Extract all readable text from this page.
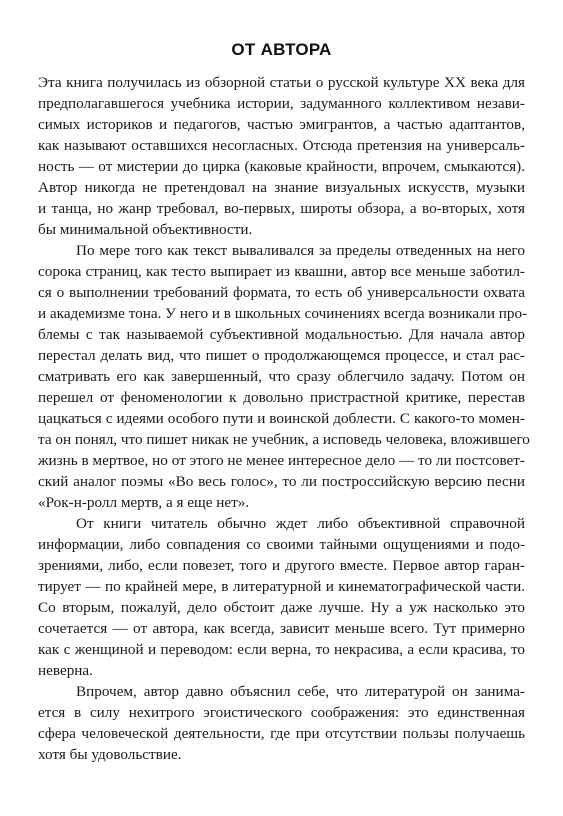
ОТ АВТОРА
Эта книга получилась из обзорной статьи о русской культуре XX века для
предполагавшегося учебника истории, задуманного коллективом незави-
симых историков и педагогов, частью эмигрантов, а частью адаптантов,
как называют оставшихся несогласных. Отсюда претензия на универсаль-
ность — от мистерии до цирка (каковые крайности, впрочем, смыкаются).
Автор никогда не претендовал на знание визуальных искусств, музыки
и танца, но жанр требовал, во-первых, широты обзора, а во-вторых, хотя
бы минимальной объективности.
По мере того как текст вываливался за пределы отведенных на него
сорока страниц, как тесто выпирает из квашни, автор все меньше заботил-
ся о выполнении требований формата, то есть об универсальности охвата
и академизме тона. У него и в школьных сочинениях всегда возникали про-
блемы с так называемой субъективной модальностью. Для начала автор
перестал делать вид, что пишет о продолжающемся процессе, и стал рас-
сматривать его как завершенный, что сразу облегчило задачу. Потом он
перешел от феноменологии к довольно пристрастной критике, перестав
цацкаться с идеями особого пути и воинской доблести. С какого-то момен-
та он понял, что пишет никак не учебник, а исповедь человека, вложившего
жизнь в мертвое, но от этого не менее интересное дело — то ли постсовет-
ский аналог поэмы «Во весь голос», то ли построссийскую версию песни
«Рок-н-ролл мертв, а я еще нет».
От книги читатель обычно ждет либо объективной справочной
информации, либо совпадения со своими тайными ощущениями и подо-
зрениями, либо, если повезет, того и другого вместе. Первое автор гаран-
тирует — по крайней мере, в литературной и кинематографической части.
Со вторым, пожалуй, дело обстоит даже лучше. Ну а уж насколько это
сочетается — от автора, как всегда, зависит меньше всего. Тут примерно
как с женщиной и переводом: если верна, то некрасива, а если красива, то
неверна.
Впрочем, автор давно объяснил себе, что литературой он занима-
ется в силу нехитрого эгоистического соображения: это единственная
сфера человеческой деятельности, где при отсутствии пользы получаешь
хотя бы удовольствие.
